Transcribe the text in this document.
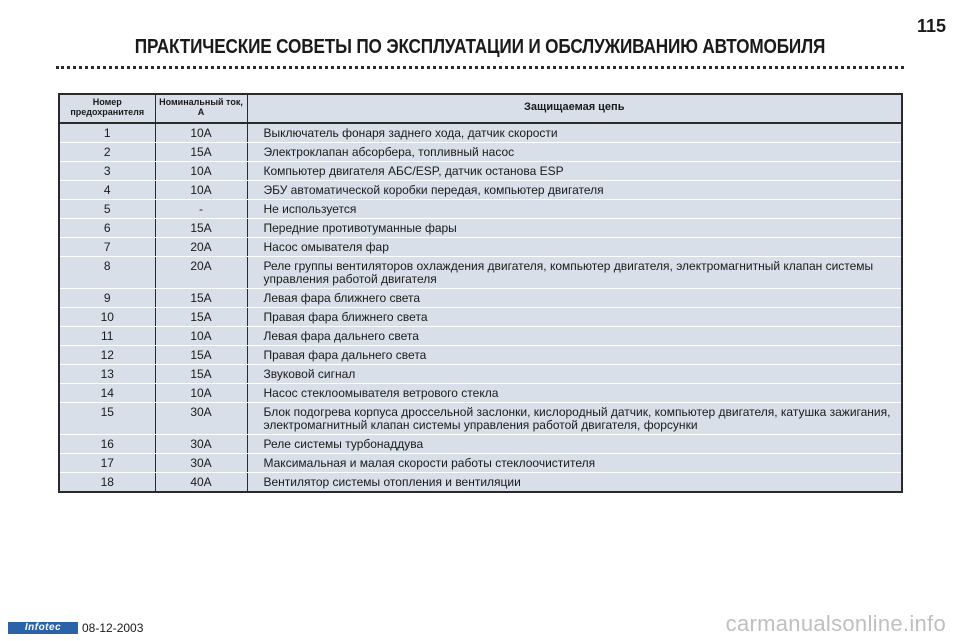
115
ПРАКТИЧЕСКИЕ СОВЕТЫ ПО ЭКСПЛУАТАЦИИ И ОБСЛУЖИВАНИЮ АВТОМОБИЛЯ
Номер предохранителя	Номинальный ток, А	Защищаемая цепь
1	10A	Выключатель фонаря заднего хода, датчик скорости
2	15A	Электроклапан абсорбера, топливный насос
3	10A	Компьютер двигателя АБС/ESP, датчик останова ESP
4	10A	ЭБУ автоматической коробки передая, компьютер двигателя
5	-	Не используется
6	15A	Передние противотуманные фары
7	20A	Насос омывателя фар
8	20A	Реле группы вентиляторов охлаждения двигателя, компьютер двигателя, электромагнитный клапан системы управления работой двигателя
9	15A	Левая фара ближнего света
10	15A	Правая фара ближнего света
11	10A	Левая фара дальнего света
12	15A	Правая фара дальнего света
13	15A	Звуковой сигнал
14	10A	Насос стеклоомывателя ветрового стекла
15	30A	Блок подогрева корпуса дроссельной заслонки, кислородный датчик, компьютер двигателя, катушка зажигания, электромагнитный клапан системы управления работой двигателя, форсунки
16	30A	Реле системы турбонаддува
17	30A	Максимальная и малая скорости работы стеклоочистителя
18	40A	Вентилятор системы отопления и вентиляции
Infotec	08-12-2003	carmanualsonline.info
